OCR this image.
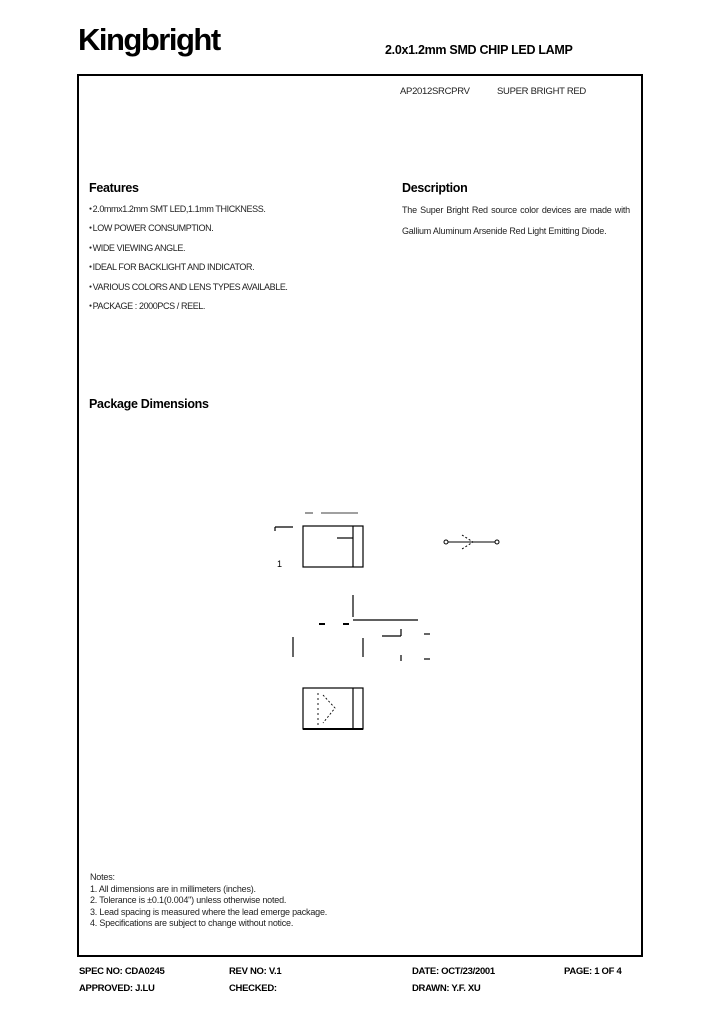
Kingbright	2.0x1.2mm SMD CHIP LED LAMP
AP2012SRCPRV	SUPER BRIGHT RED
Features
● 2.0mmx1.2mm SMT LED,1.1mm THICKNESS.
● LOW POWER CONSUMPTION.
● WIDE VIEWING ANGLE.
● IDEAL FOR BACKLIGHT AND INDICATOR.
● VARIOUS COLORS AND LENS TYPES AVAILABLE.
● PACKAGE : 2000PCS / REEL.
Description
The Super Bright Red source color devices are made with Gallium Aluminum Arsenide Red Light Emitting Diode.
Package Dimensions
1
Notes:
1. All dimensions are in millimeters (inches).
2. Tolerance is ±0.1(0.004") unless otherwise noted.
3. Lead spacing is measured where the lead emerge package.
4. Specifications are subject to change without notice.
SPEC NO: CDA0245	REV NO: V.1	DATE: OCT/23/2001	PAGE: 1 OF 4
APPROVED: J.LU	CHECKED:	DRAWN: Y.F. XU
